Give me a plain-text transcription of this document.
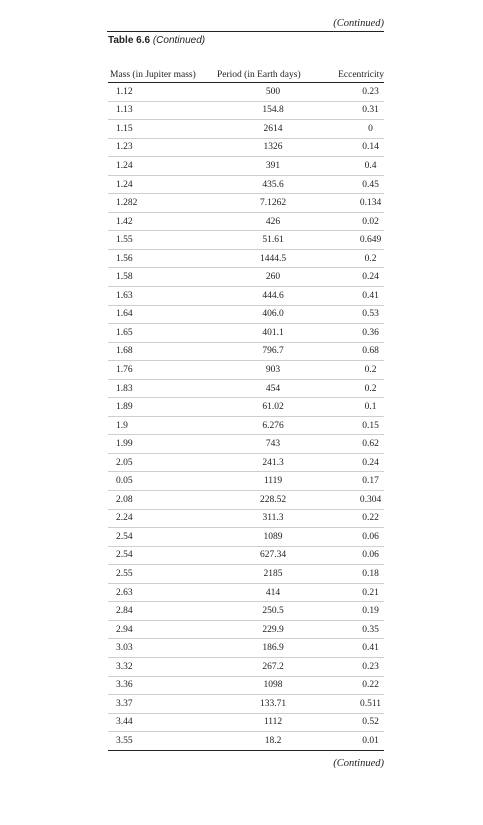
(Continued)
Table 6.6 (Continued)
Mass (in Jupiter mass)	Period (in Earth days)	Eccentricity
1.12	500	0.23
1.13	154.8	0.31
1.15	2614	0
1.23	1326	0.14
1.24	391	0.4
1.24	435.6	0.45
1.282	7.1262	0.134
1.42	426	0.02
1.55	51.61	0.649
1.56	1444.5	0.2
1.58	260	0.24
1.63	444.6	0.41
1.64	406.0	0.53
1.65	401.1	0.36
1.68	796.7	0.68
1.76	903	0.2
1.83	454	0.2
1.89	61.02	0.1
1.9	6.276	0.15
1.99	743	0.62
2.05	241.3	0.24
0.05	1119	0.17
2.08	228.52	0.304
2.24	311.3	0.22
2.54	1089	0.06
2.54	627.34	0.06
2.55	2185	0.18
2.63	414	0.21
2.84	250.5	0.19
2.94	229.9	0.35
3.03	186.9	0.41
3.32	267.2	0.23
3.36	1098	0.22
3.37	133.71	0.511
3.44	1112	0.52
3.55	18.2	0.01
(Continued)
